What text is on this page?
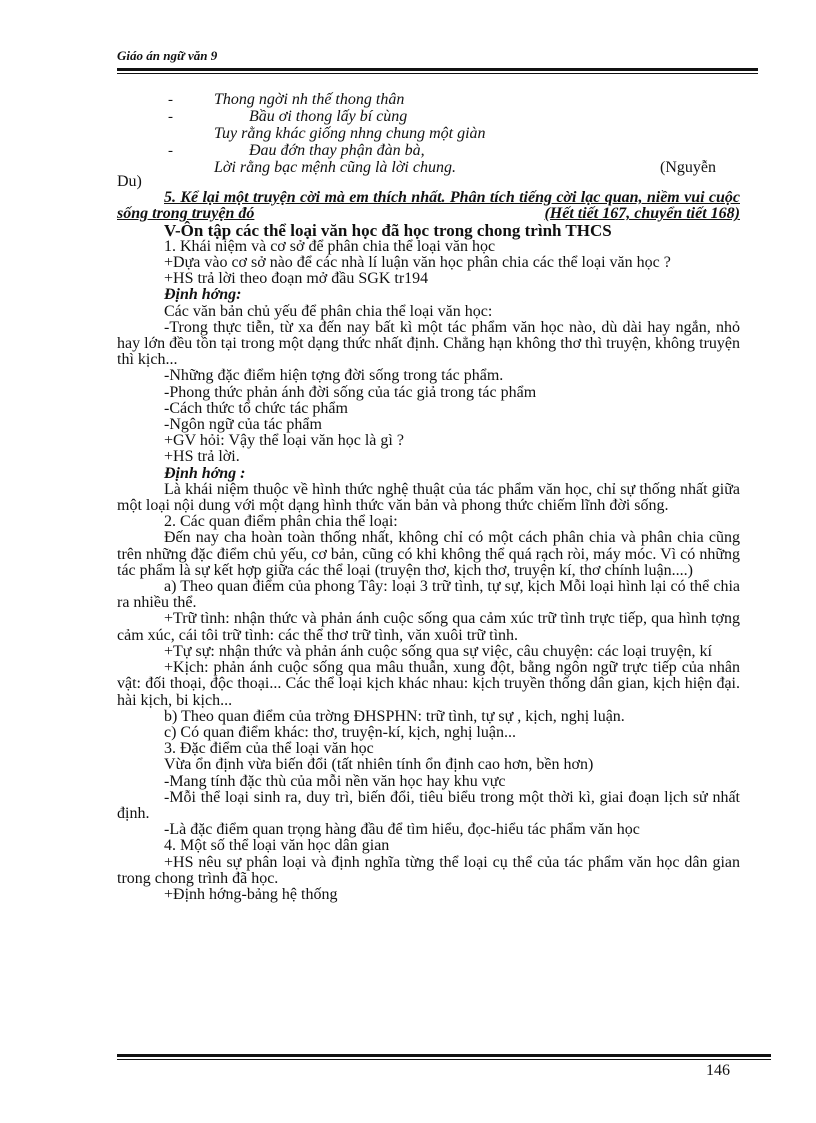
Giáo án ngữ văn 9
-
-
-
Thong ngời nh thế thong thân
Bầu ơi thong lấy bí cùng
Tuy rằng khác giống nhng chung một giàn
Đau đớn thay phận đàn bà,
Lời rằng bạc mệnh cũng là lời chung.	(Nguyễn

Du)

5. Kể lại một truyện cời mà em thích nhất. Phân tích tiếng cời lạc quan, niềm vui cuộc sống trong truyện đó	(Hết tiết 167, chuyển tiết 168)

V-Ôn tập các thể loại văn học đã học trong chong trình THCS

1. Khái niệm và cơ sở để phân chia thể loại văn học

+Dựa vào cơ sở nào để các nhà lí luận văn học phân chia các thể loại văn học ?

+HS trả lời theo đoạn mở đầu SGK tr194

Định hớng:

Các văn bản chủ yếu để phân chia thể loại văn học:

-Trong thực tiễn, từ xa đến nay bất kì một tác phẩm văn học nào, dù dài hay ngắn, nhỏ hay lớn đều tồn tại trong một dạng thức nhất định. Chẳng hạn không thơ thì truyện, không truyện thì kịch...

-Những đặc điểm hiện tợng đời sống trong tác phẩm.

-Phong thức phản ánh đời sống của tác giả trong tác phẩm

-Cách thức tổ chức tác phẩm

-Ngôn ngữ của tác phẩm

+GV hỏi: Vậy thể loại văn học là gì ?

+HS trả lời.

Định hớng :

Là khái niệm thuộc về hình thức nghệ thuật của tác phẩm văn học, chỉ sự thống nhất giữa một loại nội dung với một dạng hình thức văn bản và phong thức chiếm lĩnh đời sống.

2. Các quan điểm phân chia thể loại:

Đến nay cha hoàn toàn thống nhất, không chỉ có một cách phân chia và phân chia cũng trên những đặc điểm chủ yếu, cơ bản, cũng có khi không thể quá rạch ròi, máy móc. Vì có những tác phẩm là sự kết hợp giữa các thể loại (truyện thơ, kịch thơ, truyện kí, thơ chính luận....)

a) Theo quan điểm của phong Tây: loại 3 trữ tình, tự sự, kịch Mỗi loại hình lại có thể chia ra nhiều thể.

+Trữ tình: nhận thức và phản ánh cuộc sống qua cảm xúc trữ tình trực tiếp, qua hình tợng cảm xúc, cái tôi trữ tình: các thể thơ trữ tình, văn xuôi trữ tình.

+Tự sự: nhận thức và phản ánh cuộc sống qua sự việc, câu chuyện: các loại truyện, kí

+Kịch: phản ánh cuộc sống qua mâu thuẫn, xung đột, bằng ngôn ngữ trực tiếp của nhân vật: đối thoại, độc thoại... Các thể loại kịch khác nhau: kịch truyền thống dân gian, kịch hiện đại. hài kịch, bi kịch...

b) Theo quan điểm của trờng ĐHSPHN: trữ tình, tự sự , kịch, nghị luận.

c) Có quan điểm khác: thơ, truyện-kí, kịch, nghị luận...

3. Đặc điểm của thể loại văn học

Vừa ổn định vừa biến đổi (tất nhiên tính ổn định cao hơn, bền hơn)

-Mang tính đặc thù của mỗi nền văn học hay khu vực

-Mỗi thể loại sinh ra, duy trì, biến đổi, tiêu biểu trong một thời kì, giai đoạn lịch sử nhất định.

-Là đặc điểm quan trọng hàng đầu để tìm hiểu, đọc-hiểu tác phẩm văn học

4. Một số thể loại văn học dân gian

+HS nêu sự phân loại và định nghĩa từng thể loại cụ thể của tác phẩm văn học dân gian trong chong trình đã học.

+Định hớng-bảng hệ thống

146
